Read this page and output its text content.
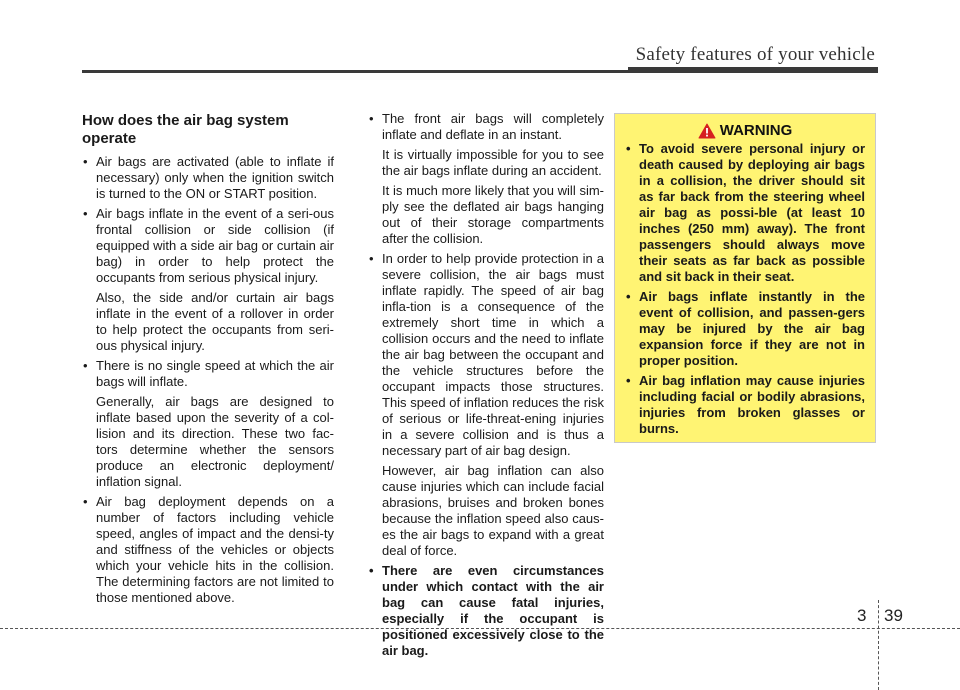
Safety features of your vehicle
How does the air bag system operate
• Air bags are activated (able to inflate if necessary) only when the ignition switch is turned to the ON or START position.
• Air bags inflate in the event of a seri-ous frontal collision or side collision (if equipped with a side air bag or curtain air bag) in order to help protect the occupants from serious physical injury.
Also, the side and/or curtain air bags inflate in the event of a rollover in order to help protect the occupants from seri-ous physical injury.
• There is no single speed at which the air bags will inflate.
Generally, air bags are designed to inflate based upon the severity of a col-lision and its direction. These two fac-tors determine whether the sensors produce an electronic deployment/ inflation signal.
• Air bag deployment depends on a number of factors including vehicle speed, angles of impact and the densi-ty and stiffness of the vehicles or objects which your vehicle hits in the collision. The determining factors are not limited to those mentioned above.
• The front air bags will completely inflate and deflate in an instant.
It is virtually impossible for you to see the air bags inflate during an accident.
It is much more likely that you will sim-ply see the deflated air bags hanging out of their storage compartments after the collision.
• In order to help provide protection in a severe collision, the air bags must inflate rapidly. The speed of air bag infla-tion is a consequence of the extremely short time in which a collision occurs and the need to inflate the air bag between the occupant and the vehicle structures before the occupant impacts those structures. This speed of inflation reduces the risk of serious or life-threat-ening injuries in a severe collision and is thus a necessary part of air bag design.
However, air bag inflation can also cause injuries which can include facial abrasions, bruises and broken bones because the inflation speed also caus-es the air bags to expand with a great deal of force.
• There are even circumstances under which contact with the air bag can cause fatal injuries, especially if the occupant is positioned excessively close to the air bag.
WARNING
• To avoid severe personal injury or death caused by deploying air bags in a collision, the driver should sit as far back from the steering wheel air bag as possi-ble (at least 10 inches (250 mm) away). The front passengers should always move their seats as far back as possible and sit back in their seat.
• Air bags inflate instantly in the event of collision, and passen-gers may be injured by the air bag expansion force if they are not in proper position.
• Air bag inflation may cause injuries including facial or bodily abrasions, injuries from broken glasses or burns.
3 39
